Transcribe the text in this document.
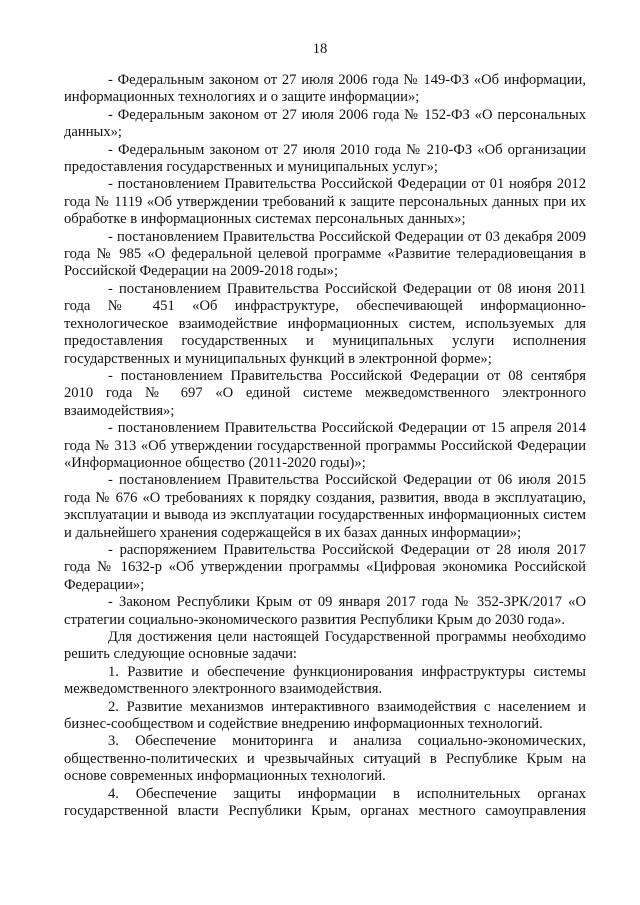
18

- Федеральным законом от 27 июля 2006 года № 149-ФЗ «Об информации, информационных технологиях и о защите информации»;

- Федеральным законом от 27 июля 2006 года № 152-ФЗ «О персональных данных»;

- Федеральным законом от 27 июля 2010 года № 210-ФЗ «Об организации предоставления государственных и муниципальных услуг»;

- постановлением Правительства Российской Федерации от 01 ноября 2012 года № 1119 «Об утверждении требований к защите персональных данных при их обработке в информационных системах персональных данных»;

- постановлением Правительства Российской Федерации от 03 декабря 2009 года № 985 «О федеральной целевой программе «Развитие телерадиовещания в Российской Федерации на 2009-2018 годы»;

- постановлением Правительства Российской Федерации от 08 июня 2011 года № 451 «Об инфраструктуре, обеспечивающей информационно-технологическое взаимодействие информационных систем, используемых для предоставления государственных и муниципальных услуги исполнения государственных и муниципальных функций в электронной форме»;

- постановлением Правительства Российской Федерации от 08 сентября 2010 года № 697 «О единой системе межведомственного электронного взаимодействия»;

- постановлением Правительства Российской Федерации от 15 апреля 2014 года № 313 «Об утверждении государственной программы Российской Федерации «Информационное общество (2011-2020 годы)»;

- постановлением Правительства Российской Федерации от 06 июля 2015 года № 676 «О требованиях к порядку создания, развития, ввода в эксплуатацию, эксплуатации и вывода из эксплуатации государственных информационных систем и дальнейшего хранения содержащейся в их базах данных информации»;

- распоряжением Правительства Российской Федерации от 28 июля 2017 года № 1632-р «Об утверждении программы «Цифровая экономика Российской Федерации»;

- Законом Республики Крым от 09 января 2017 года № 352-ЗРК/2017 «О стратегии социально-экономического развития Республики Крым до 2030 года».

Для достижения цели настоящей Государственной программы необходимо решить следующие основные задачи:

1. Развитие и обеспечение функционирования инфраструктуры системы межведомственного электронного взаимодействия.

2. Развитие механизмов интерактивного взаимодействия с населением и бизнес-сообществом и содействие внедрению информационных технологий.

3. Обеспечение мониторинга и анализа социально-экономических, общественно-политических и чрезвычайных ситуаций в Республике Крым на основе современных информационных технологий.

4. Обеспечение защиты информации в исполнительных органах государственной власти Республики Крым, органах местного самоуправления
